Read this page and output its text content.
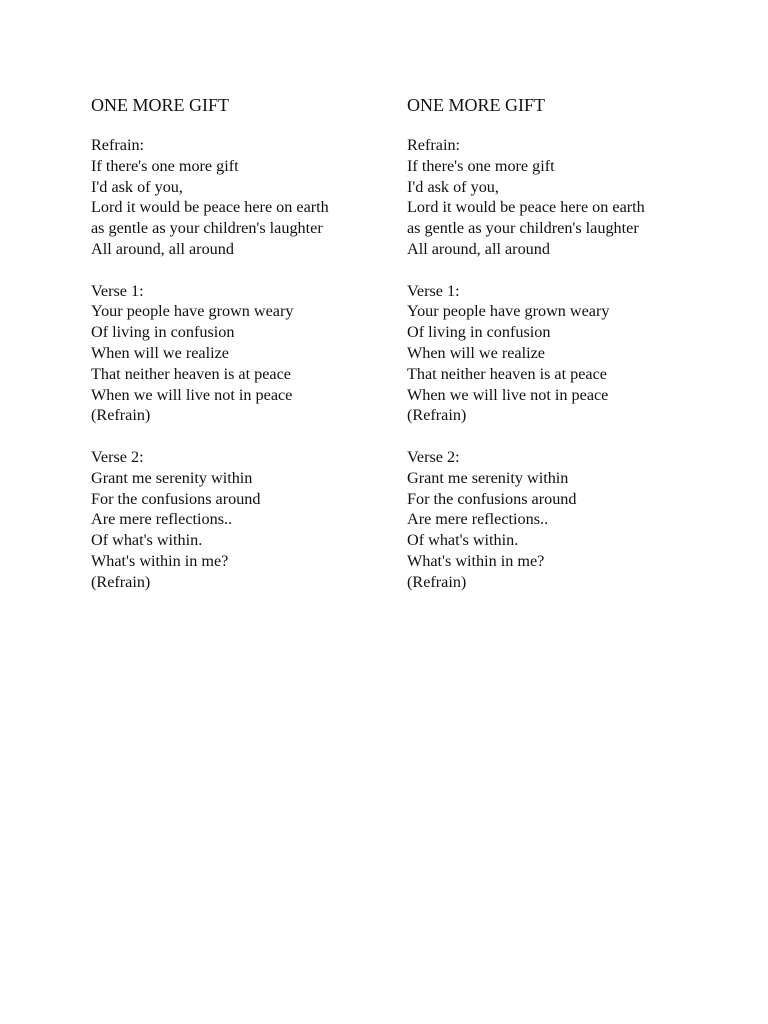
ONE MORE GIFT
Refrain:
If there's one more gift
I'd ask of you,
Lord it would be peace here on earth
as gentle as your children's laughter
All around, all around
Verse 1:
Your people have grown weary
Of living in confusion
When will we realize
That neither heaven is at peace
When we will live not in peace
(Refrain)
Verse 2:
Grant me serenity within
For the confusions around
Are mere reflections..
Of what's within.
What's within in me?
(Refrain)
ONE MORE GIFT
Refrain:
If there's one more gift
I'd ask of you,
Lord it would be peace here on earth
as gentle as your children's laughter
All around, all around
Verse 1:
Your people have grown weary
Of living in confusion
When will we realize
That neither heaven is at peace
When we will live not in peace
(Refrain)
Verse 2:
Grant me serenity within
For the confusions around
Are mere reflections..
Of what's within.
What's within in me?
(Refrain)
